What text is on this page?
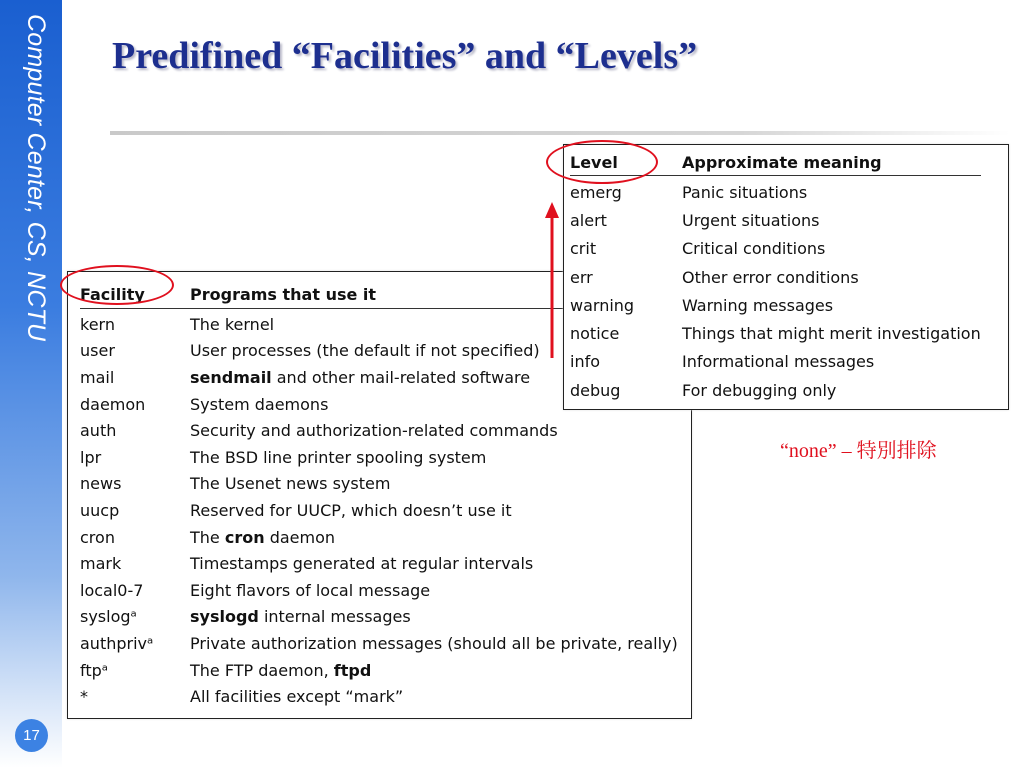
Computer Center, CS, NCTU
17
Predifined “Facilities” and “Levels”
Facility	Programs that use it
kern	The kernel
user	User processes (the default if not specified)
mail	sendmail and other mail-related software
daemon	System daemons
auth	Security and authorization-related commands
lpr	The BSD line printer spooling system
news	The Usenet news system
uucp	Reserved for UUCP, which doesn’t use it
cron	The cron daemon
mark	Timestamps generated at regular intervals
local0-7	Eight flavors of local message
syslogᵃ	syslogd internal messages
authprivᵃ	Private authorization messages (should all be private, really)
ftpᵃ	The FTP daemon, ftpd
*	All facilities except “mark”
Level	Approximate meaning
emerg	Panic situations
alert	Urgent situations
crit	Critical conditions
err	Other error conditions
warning	Warning messages
notice	Things that might merit investigation
info	Informational messages
debug	For debugging only
“none” – 特別排除
